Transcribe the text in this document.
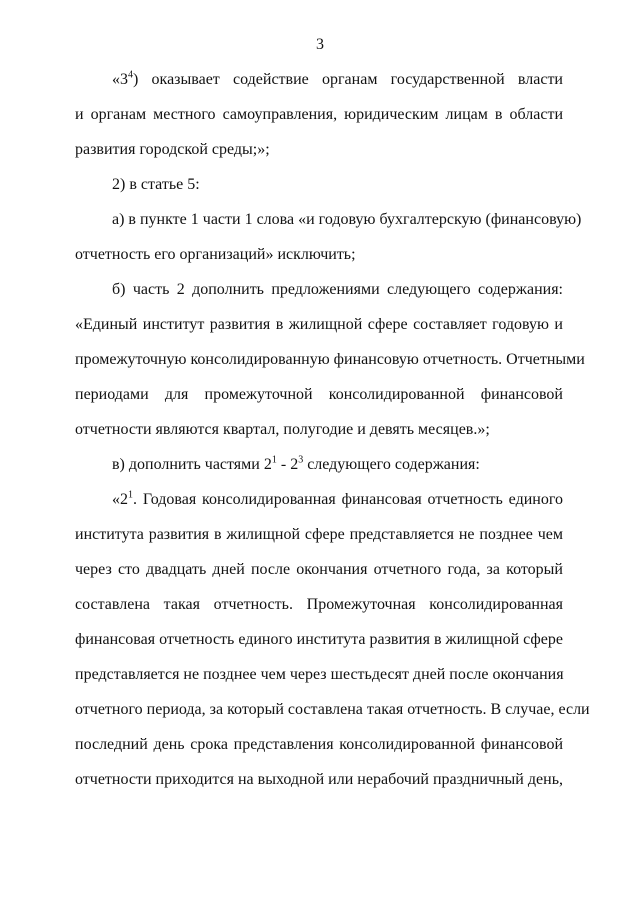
3
«$3^4$) оказывает содействие органам государственной власти
и органам местного самоуправления, юридическим лицам в области
развития городской среды;»;
2) в статье 5:
а) в пункте 1 части 1 слова «и годовую бухгалтерскую (финансовую)
отчетность его организаций» исключить;
б) часть 2 дополнить предложениями следующего содержания:
«Единый институт развития в жилищной сфере составляет годовую и
промежуточную консолидированную финансовую отчетность. Отчетными
периодами для промежуточной консолидированной финансовой
отчетности являются квартал, полугодие и девять месяцев.»;
в) дополнить частями $2^1 - 2^3$ следующего содержания:
«$2^1$. Годовая консолидированная финансовая отчетность единого
института развития в жилищной сфере представляется не позднее чем
через сто двадцать дней после окончания отчетного года, за который
составлена такая отчетность. Промежуточная консолидированная
финансовая отчетность единого института развития в жилищной сфере
представляется не позднее чем через шестьдесят дней после окончания
отчетного периода, за который составлена такая отчетность. В случае, если
последний день срока представления консолидированной финансовой
отчетности приходится на выходной или нерабочий праздничный день,
